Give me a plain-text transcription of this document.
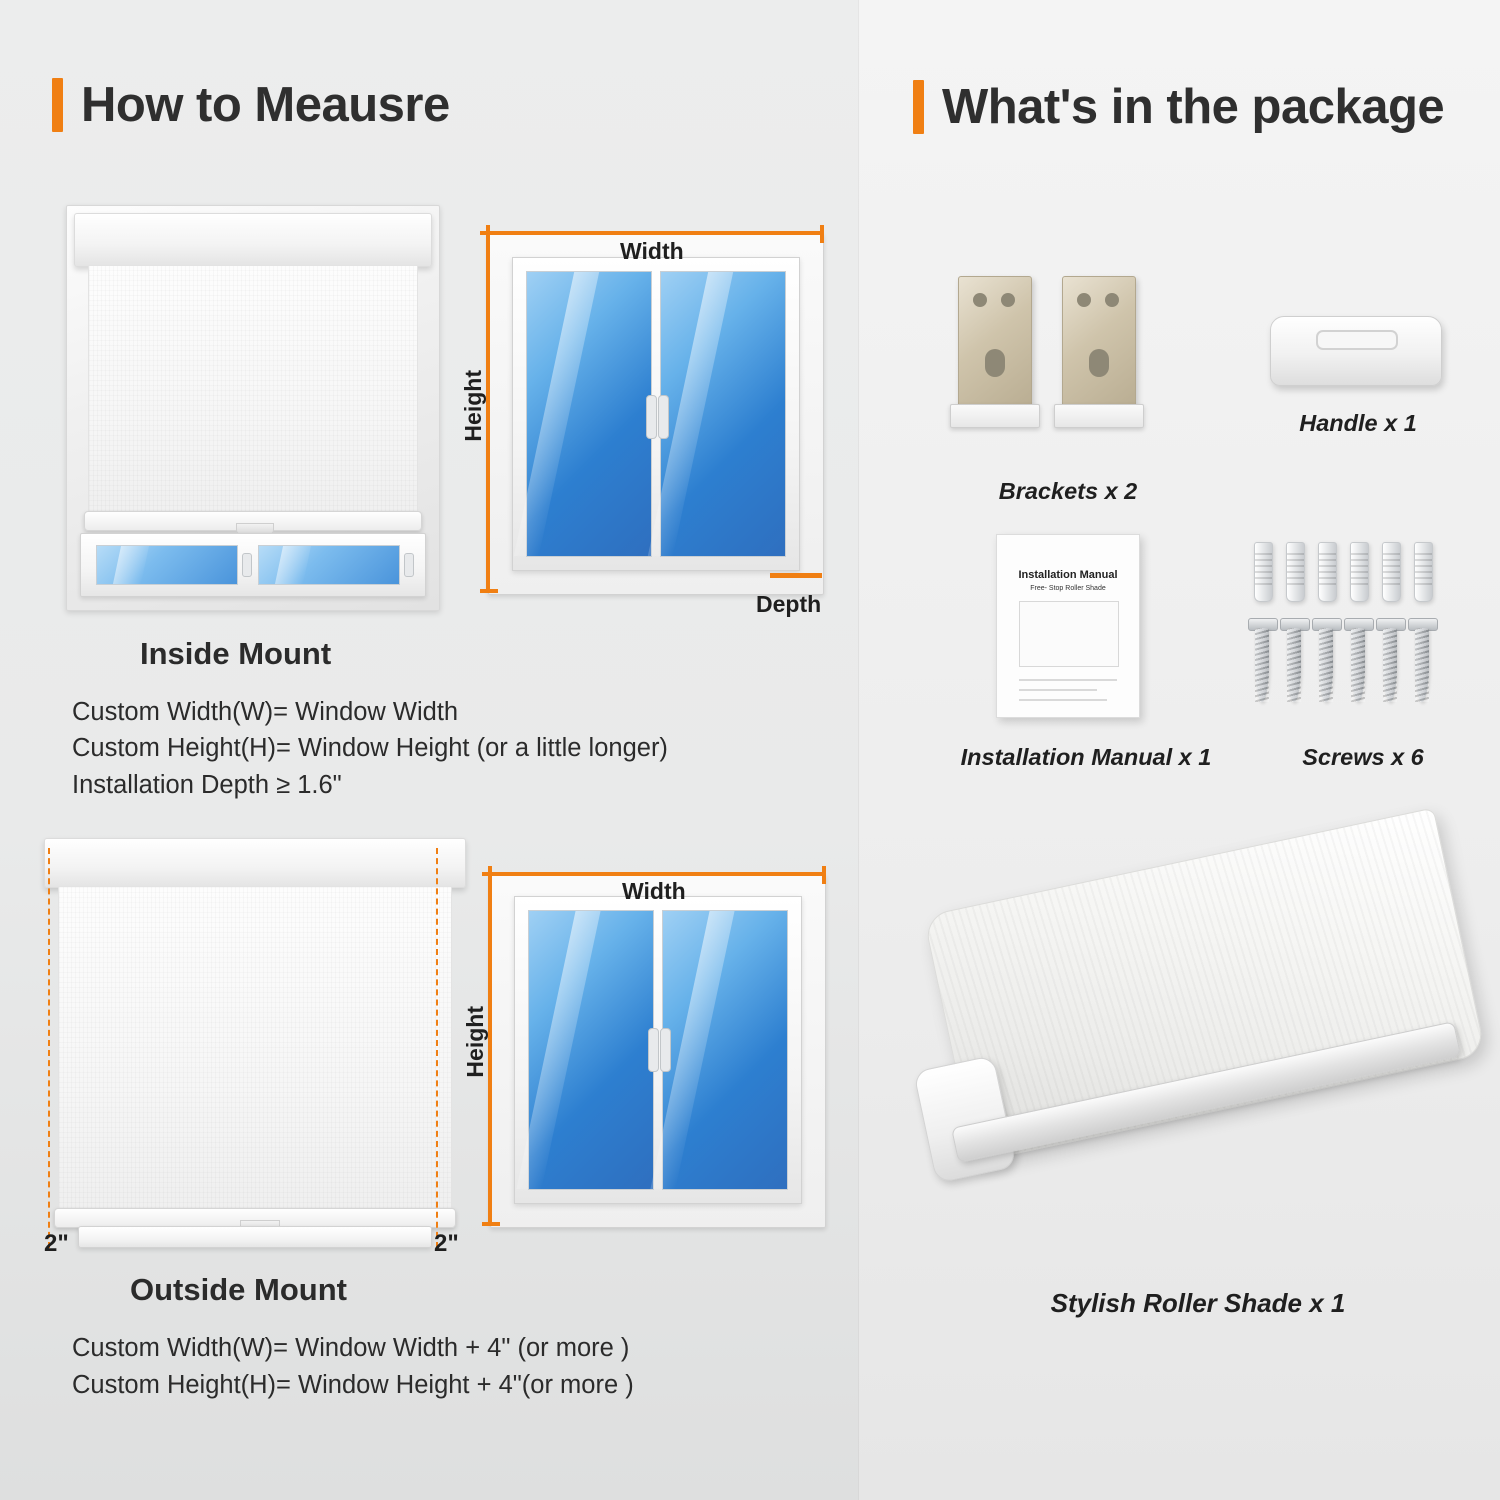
How to Meausre
Width
Height
Depth
Inside Mount
Custom Width(W)= Window Width
Custom Height(H)= Window Height (or a little longer)
Installation Depth ≥ 1.6"
2"	2"
Width
Height
Outside Mount
Custom Width(W)= Window Width + 4" (or more )
Custom Height(H)= Window Height + 4"(or more )
What's in the package
Brackets x 2
Handle x 1
Installation Manual
Free- Stop Roller Shade
Installation Manual x 1	Screws x 6
Stylish Roller Shade x 1
